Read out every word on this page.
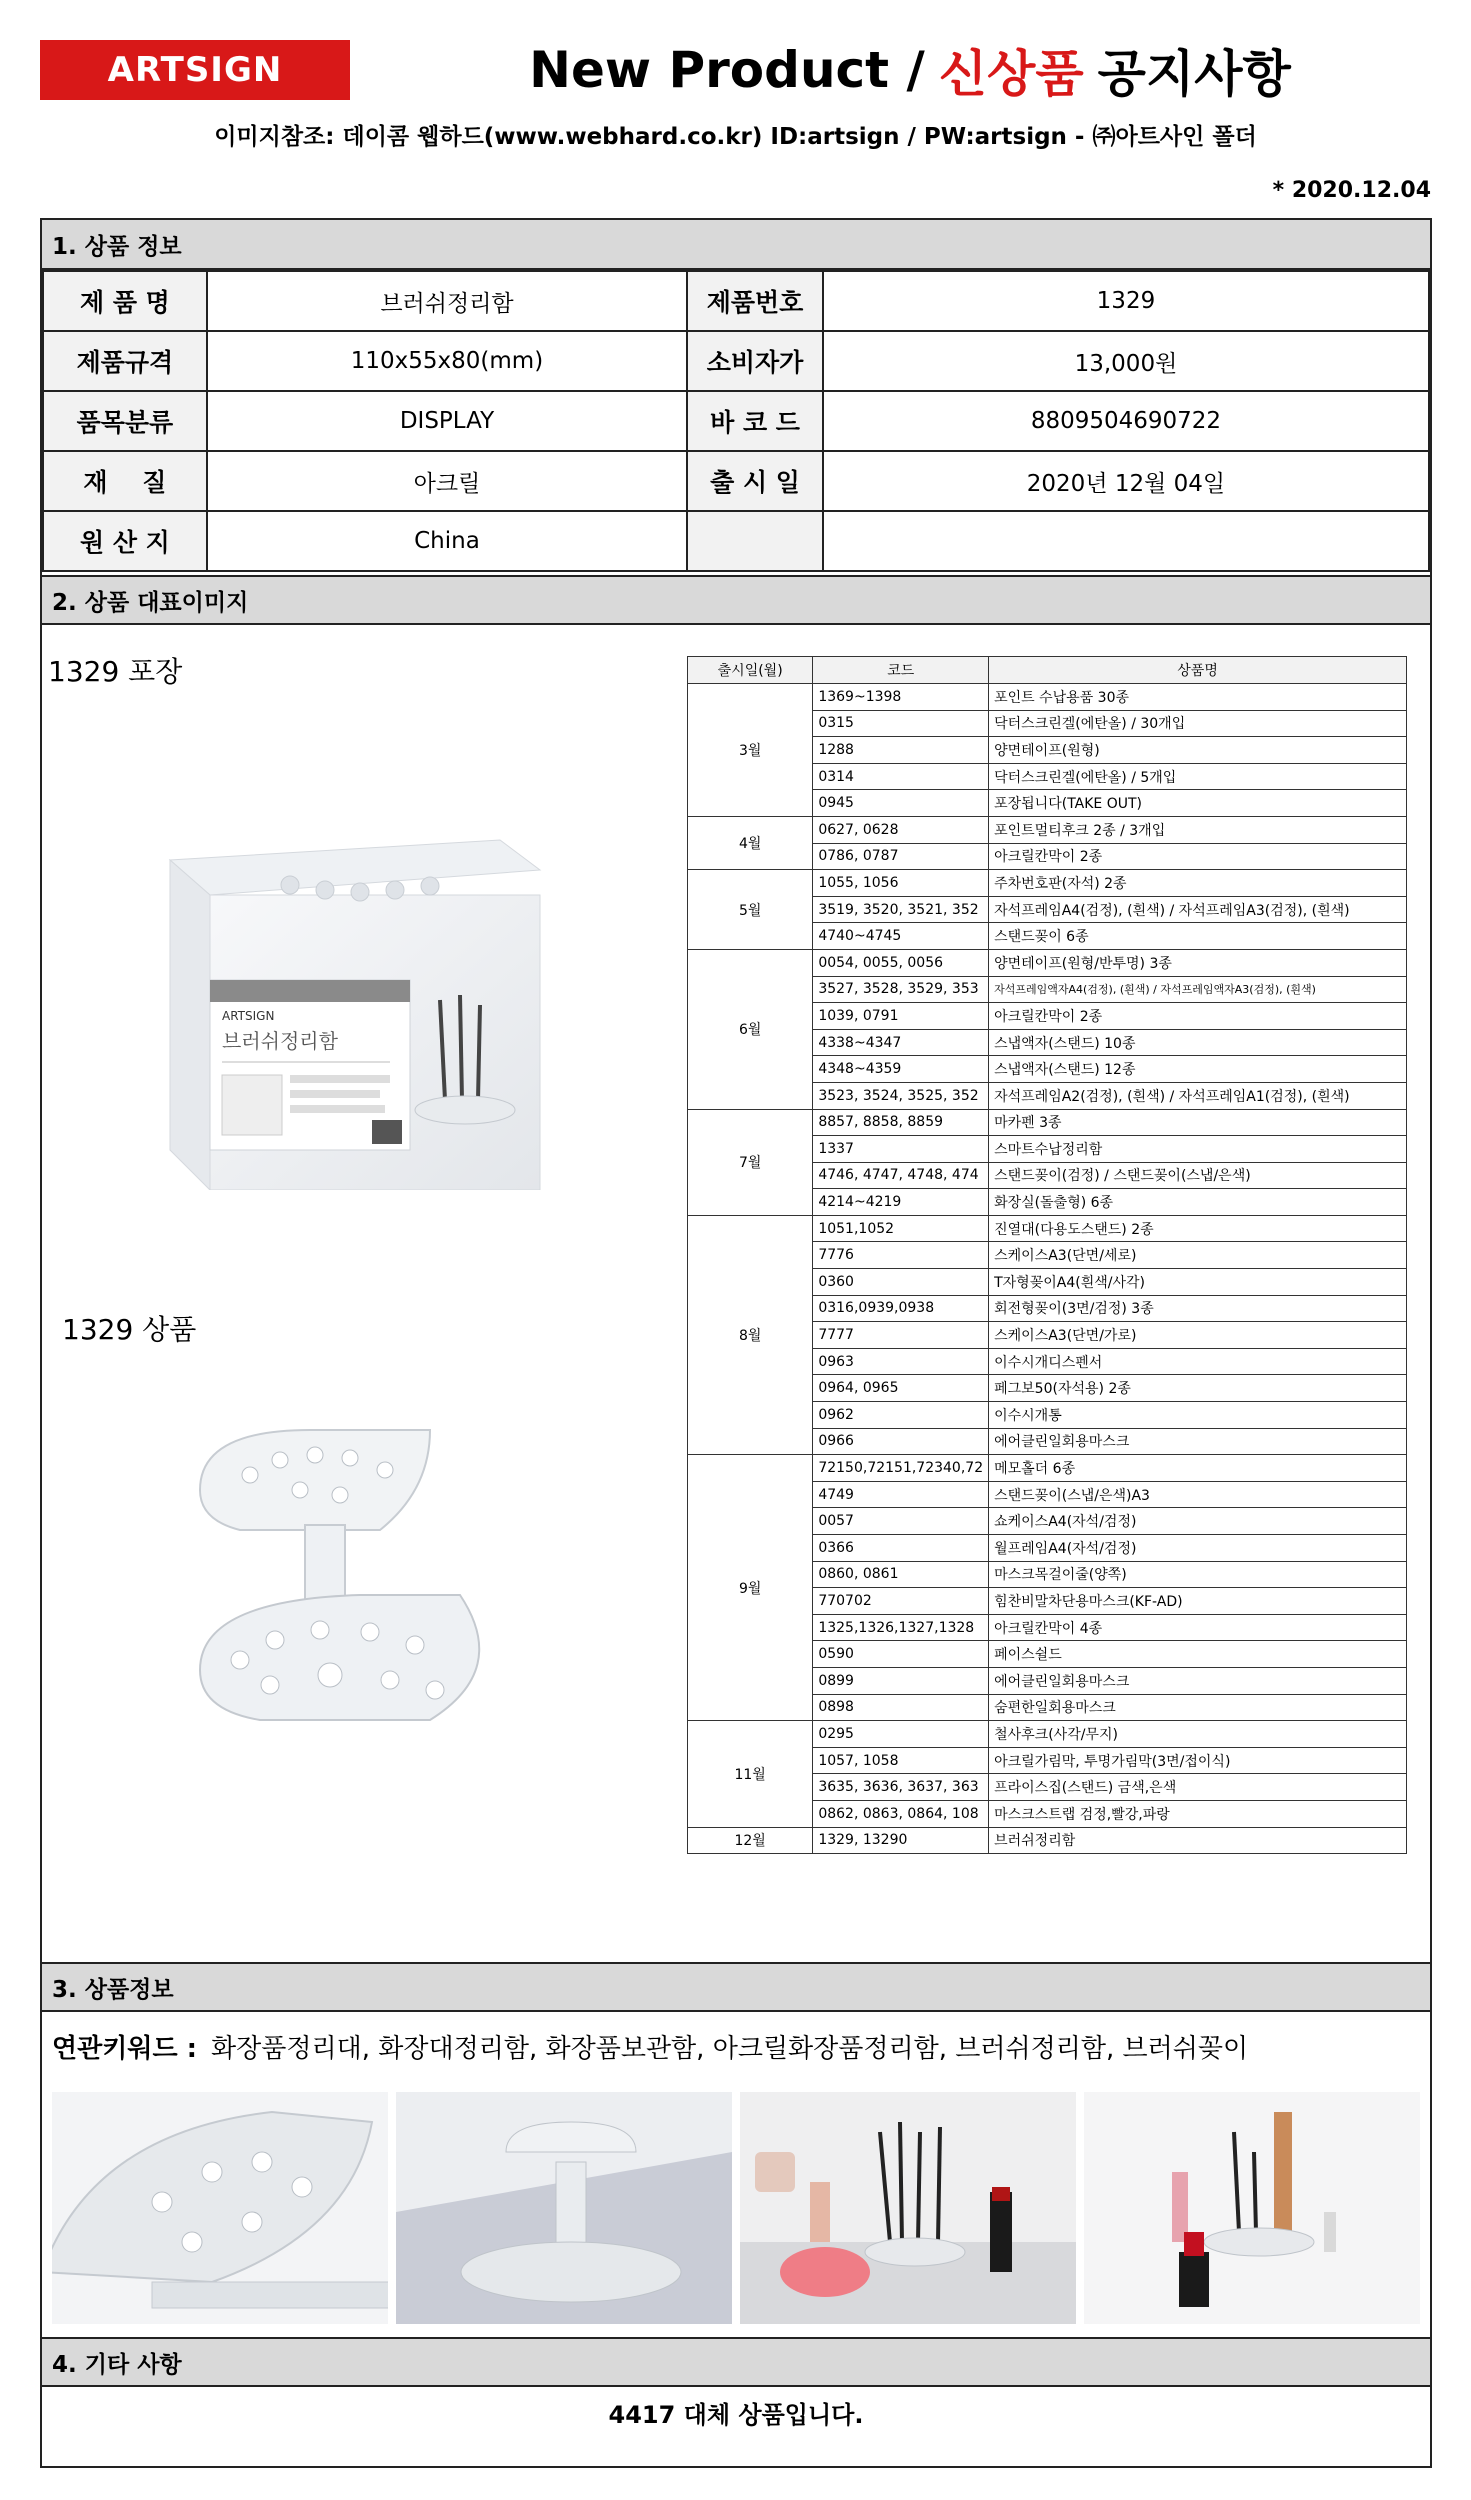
ARTSIGN	New Product / 신상품 공지사항
이미지참조: 데이콤 웹하드(www.webhard.co.kr) ID:artsign / PW:artsign - ㈜아트사인 폴더
* 2020.12.04
1. 상품 정보
제 품 명	브러쉬정리함	제품번호	1329
제품규격	110x55x80(mm)	소비자가	13,000원
품목분류	DISPLAY	바 코 드	8809504690722
재    질	아크릴	출 시 일	2020년 12월 04일
원 산 지	China		
2. 상품 대표이미지
1329 포장
ARTSIGN
브러쉬정리함
1329 상품
출시일(월)	코드	상품명
3월	1369~1398	포인트 수납용품 30종
	0315	닥터스크린겔(에탄올) / 30개입
	1288	양면테이프(원형)
	0314	닥터스크린겔(에탄올) / 5개입
	0945	포장됩니다(TAKE OUT)
4월	0627, 0628	포인트멀티후크 2종 / 3개입
	0786, 0787	아크릴칸막이 2종
5월	1055, 1056	주차번호판(자석) 2종
	3519, 3520, 3521, 352	자석프레임A4(검정), (흰색) / 자석프레임A3(검정), (흰색)
	4740~4745	스탠드꽂이 6종
6월	0054, 0055, 0056	양면테이프(원형/반투명) 3종
	3527, 3528, 3529, 353	자석프레임액자A4(검정), (흰색) / 자석프레임액자A3(검정), (흰색)
	1039, 0791	아크릴칸막이 2종
	4338~4347	스냅액자(스탠드) 10종
	4348~4359	스냅액자(스탠드) 12종
	3523, 3524, 3525, 352	자석프레임A2(검정), (흰색) / 자석프레임A1(검정), (흰색)
7월	8857, 8858, 8859	마카펜 3종
	1337	스마트수납정리함
	4746, 4747, 4748, 474	스탠드꽂이(검정) / 스탠드꽂이(스냅/은색)
	4214~4219	화장실(돌출형) 6종
8월	1051,1052	진열대(다용도스탠드) 2종
	7776	스케이스A3(단면/세로)
	0360	T자형꽂이A4(흰색/사각)
	0316,0939,0938	회전형꽂이(3면/검정) 3종
	7777	스케이스A3(단면/가로)
	0963	이수시개디스펜서
	0964, 0965	페그보50(자석용) 2종
	0962	이수시개통
	0966	에어클린일회용마스크
9월	72150,72151,72340,72	메모홀더 6종
	4749	스탠드꽂이(스냅/은색)A3
	0057	쇼케이스A4(자석/검정)
	0366	월프레임A4(자석/검정)
	0860, 0861	마스크목걸이줄(양쪽)
	770702	힘찬비말차단용마스크(KF-AD)
	1325,1326,1327,1328	아크릴칸막이 4종
	0590	페이스쉴드
	0899	에어클린일회용마스크
	0898	숨편한일회용마스크
11월	0295	철사후크(사각/무지)
	1057, 1058	아크릴가림막, 투명가림막(3면/접이식)
	3635, 3636, 3637, 363	프라이스집(스탠드) 금색,은색
	0862, 0863, 0864, 108	마스크스트랩 검정,빨강,파랑
12월	1329, 13290	브러쉬정리함
3. 상품정보
연관키워드 : 화장품정리대, 화장대정리함, 화장품보관함, 아크릴화장품정리함, 브러쉬정리함, 브러쉬꽂이
4. 기타 사항
4417 대체 상품입니다.
